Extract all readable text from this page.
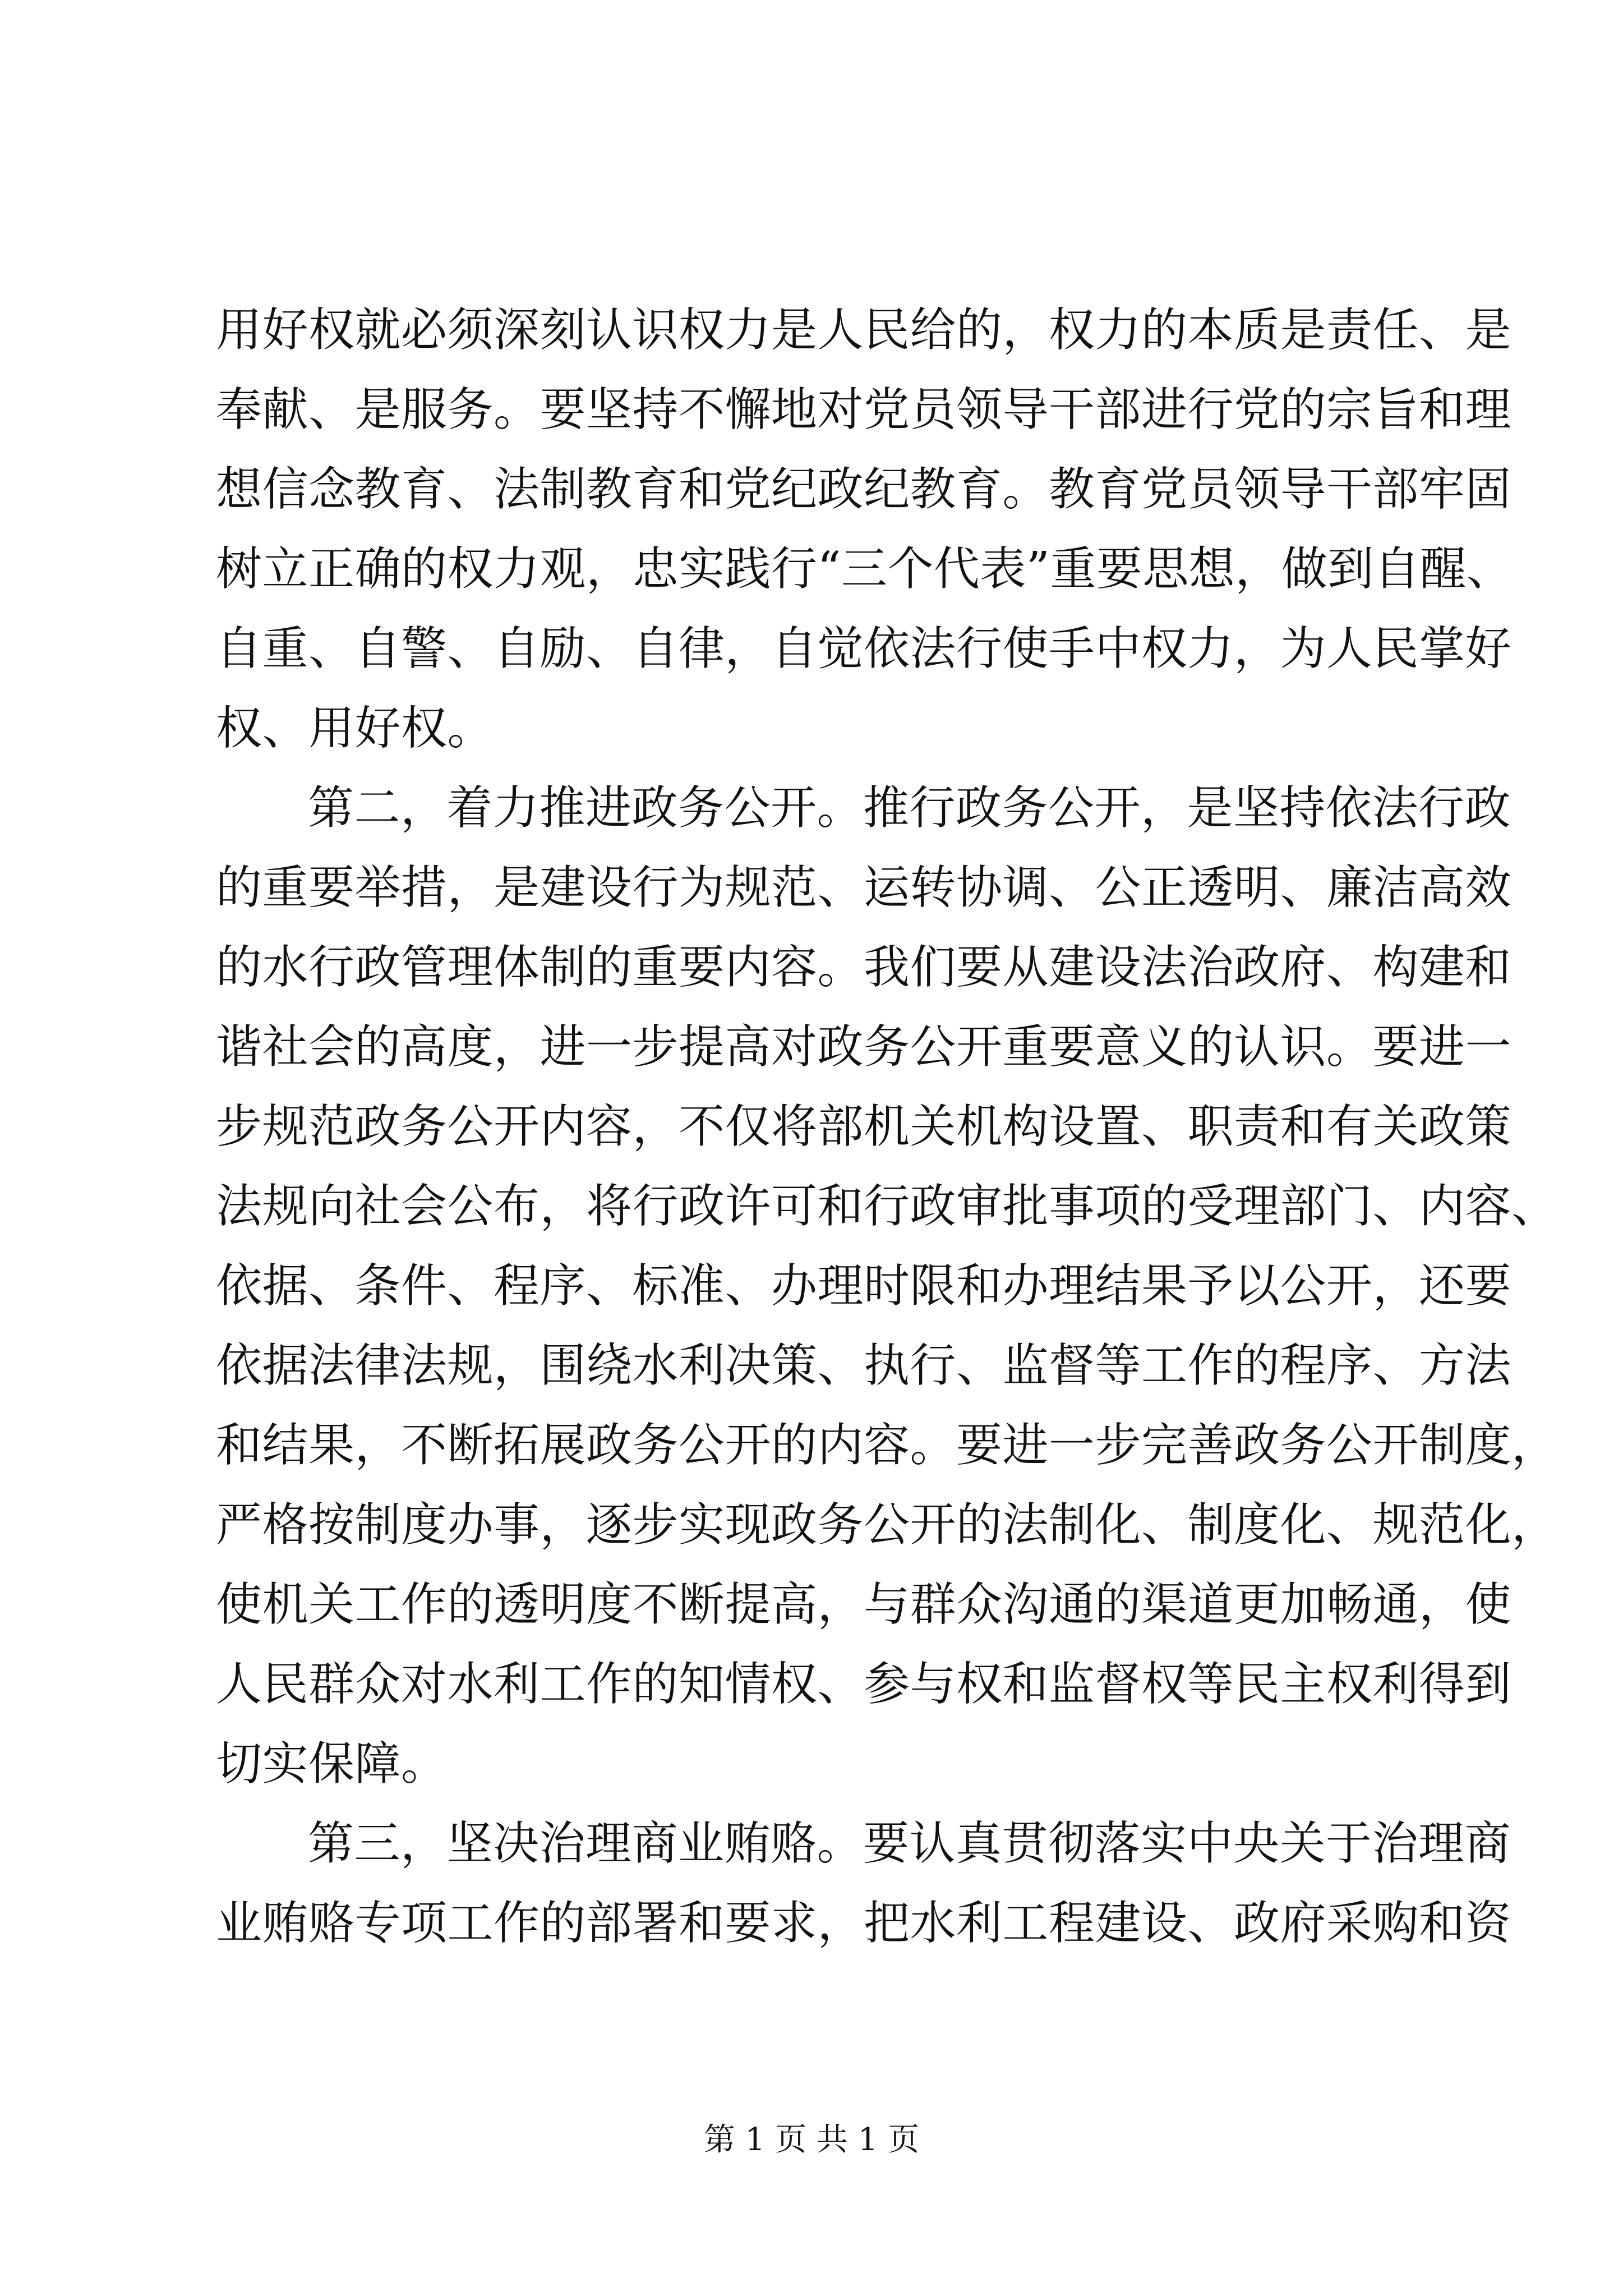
用好权就必须深刻认识权力是人民给的，权力的本质是责任、是
奉献、是服务。要坚持不懈地对党员领导干部进行党的宗旨和理
想信念教育、法制教育和党纪政纪教育。教育党员领导干部牢固
树立正确的权力观，忠实践行“三个代表”重要思想，做到自醒、
自重、自警、自励、自律，自觉依法行使手中权力，为人民掌好
权、用好权。
第二，着力推进政务公开。推行政务公开，是坚持依法行政
的重要举措，是建设行为规范、运转协调、公正透明、廉洁高效
的水行政管理体制的重要内容。我们要从建设法治政府、构建和
谐社会的高度，进一步提高对政务公开重要意义的认识。要进一
步规范政务公开内容，不仅将部机关机构设置、职责和有关政策
法规向社会公布，将行政许可和行政审批事项的受理部门、内容、
依据、条件、程序、标准、办理时限和办理结果予以公开，还要
依据法律法规，围绕水利决策、执行、监督等工作的程序、方法
和结果，不断拓展政务公开的内容。要进一步完善政务公开制度，
严格按制度办事，逐步实现政务公开的法制化、制度化、规范化，
使机关工作的透明度不断提高，与群众沟通的渠道更加畅通，使
人民群众对水利工作的知情权、参与权和监督权等民主权利得到
切实保障。
第三，坚决治理商业贿赂。要认真贯彻落实中央关于治理商
业贿赂专项工作的部署和要求，把水利工程建设、政府采购和资
第 1 页 共 1 页
